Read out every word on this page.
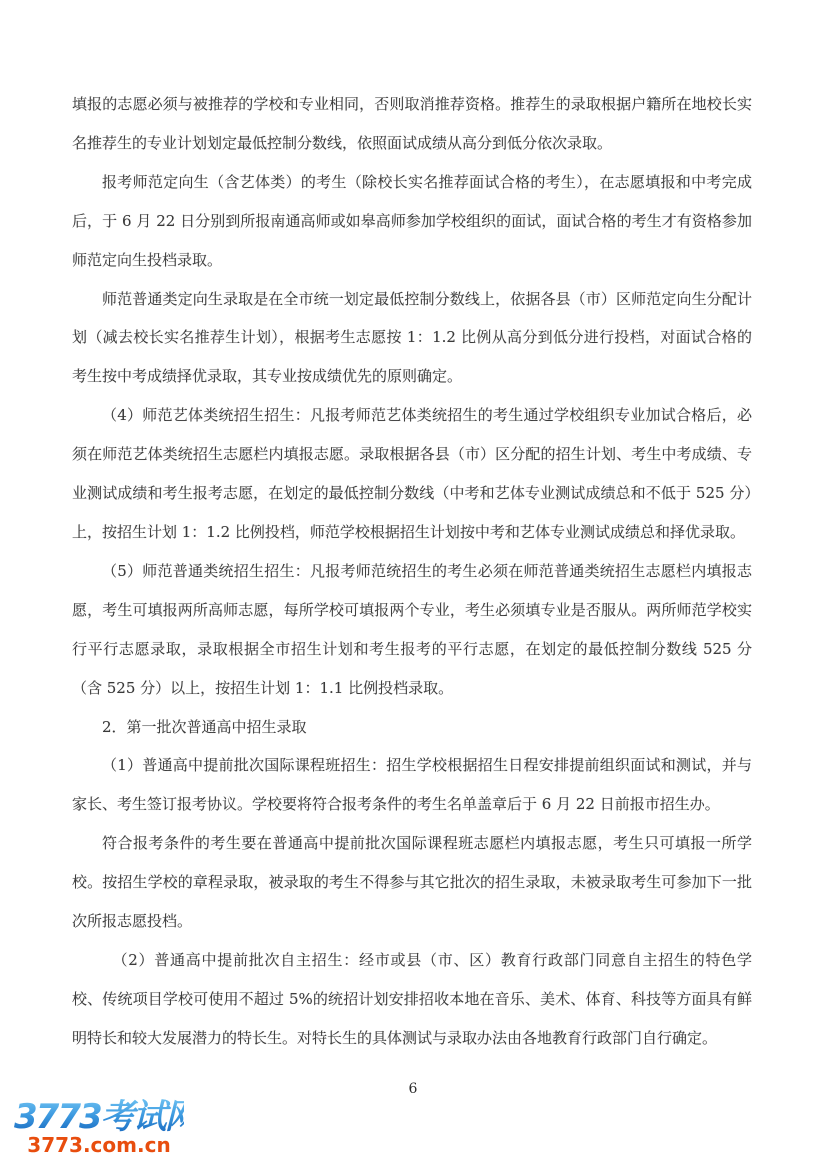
填报的志愿必须与被推荐的学校和专业相同，否则取消推荐资格。推荐生的录取根据户籍所在地校长实名推荐生的专业计划划定最低控制分数线，依照面试成绩从高分到低分依次录取。

报考师范定向生（含艺体类）的考生（除校长实名推荐面试合格的考生），在志愿填报和中考完成后，于 6 月 22 日分别到所报南通高师或如皋高师参加学校组织的面试，面试合格的考生才有资格参加师范定向生投档录取。

师范普通类定向生录取是在全市统一划定最低控制分数线上，依据各县（市）区师范定向生分配计划（减去校长实名推荐生计划），根据考生志愿按 1：1.2 比例从高分到低分进行投档，对面试合格的考生按中考成绩择优录取，其专业按成绩优先的原则确定。

（4）师范艺体类统招生招生：凡报考师范艺体类统招生的考生通过学校组织专业加试合格后，必须在师范艺体类统招生志愿栏内填报志愿。录取根据各县（市）区分配的招生计划、考生中考成绩、专业测试成绩和考生报考志愿，在划定的最低控制分数线（中考和艺体专业测试成绩总和不低于 525 分）上，按招生计划 1：1.2 比例投档，师范学校根据招生计划按中考和艺体专业测试成绩总和择优录取。

（5）师范普通类统招生招生：凡报考师范统招生的考生必须在师范普通类统招生志愿栏内填报志愿，考生可填报两所高师志愿，每所学校可填报两个专业，考生必须填专业是否服从。两所师范学校实行平行志愿录取，录取根据全市招生计划和考生报考的平行志愿，在划定的最低控制分数线 525 分（含 525 分）以上，按招生计划 1：1.1 比例投档录取。

2．第一批次普通高中招生录取

（1）普通高中提前批次国际课程班招生：招生学校根据招生日程安排提前组织面试和测试，并与家长、考生签订报考协议。学校要将符合报考条件的考生名单盖章后于 6 月 22 日前报市招生办。

符合报考条件的考生要在普通高中提前批次国际课程班志愿栏内填报志愿，考生只可填报一所学校。按招生学校的章程录取，被录取的考生不得参与其它批次的招生录取，未被录取考生可参加下一批次所报志愿投档。

（2）普通高中提前批次自主招生：经市或县（市、区）教育行政部门同意自主招生的特色学校、传统项目学校可使用不超过 5%的统招计划安排招收本地在音乐、美术、体育、科技等方面具有鲜明特长和较大发展潜力的特长生。对特长生的具体测试与录取办法由各地教育行政部门自行确定。

6
3773考试网
3773.com.cn
